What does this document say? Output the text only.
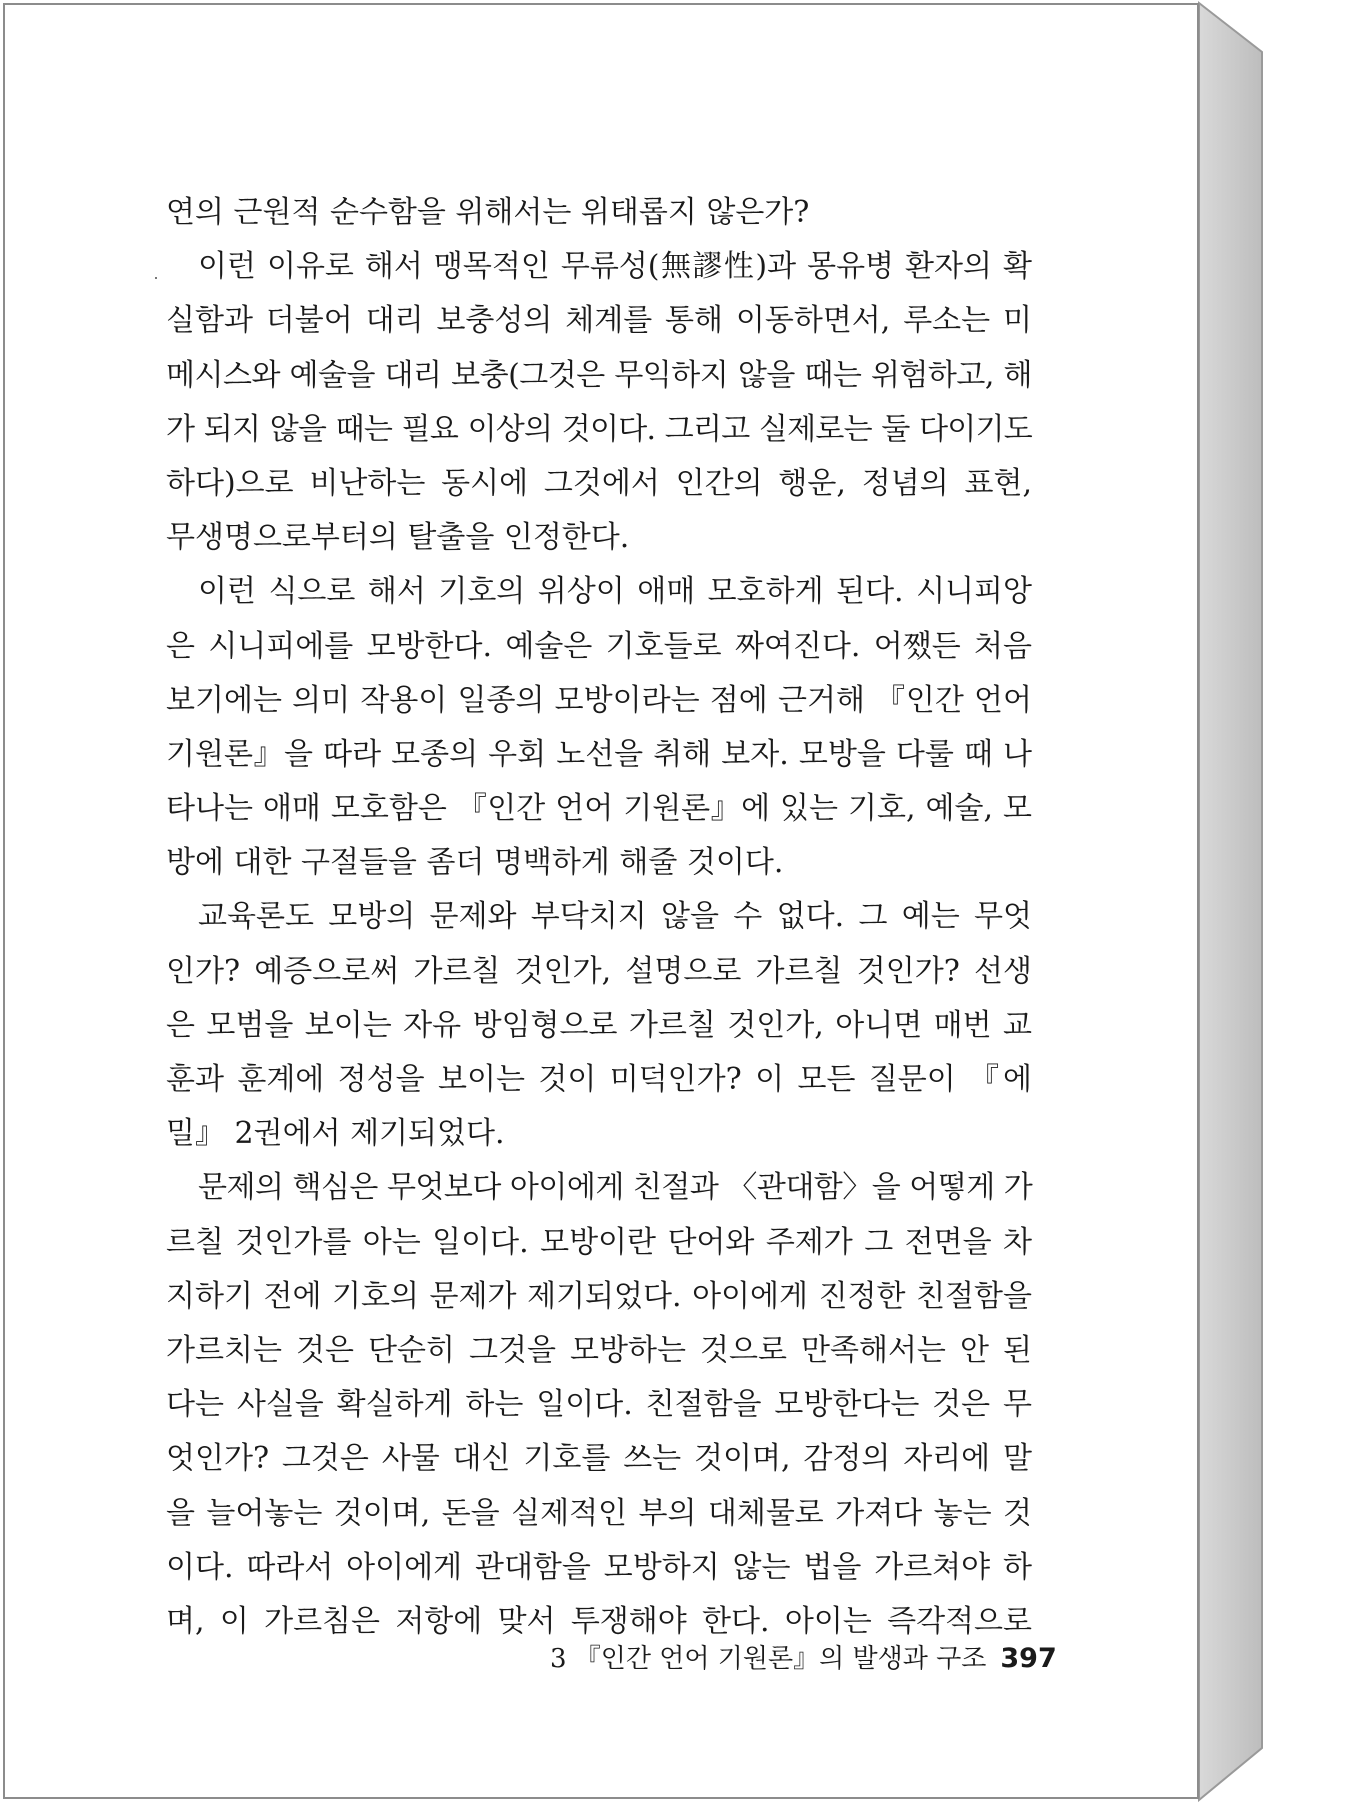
연의 근원적 순수함을 위해서는 위태롭지 않은가?
이런 이유로 해서 맹목적인 무류성(無謬性)과 몽유병 환자의 확
실함과 더불어 대리 보충성의 체계를 통해 이동하면서, 루소는 미
메시스와 예술을 대리 보충(그것은 무익하지 않을 때는 위험하고, 해
가 되지 않을 때는 필요 이상의 것이다. 그리고 실제로는 둘 다이기도
하다)으로 비난하는 동시에 그것에서 인간의 행운, 정념의 표현,
무생명으로부터의 탈출을 인정한다.
이런 식으로 해서 기호의 위상이 애매 모호하게 된다. 시니피앙
은 시니피에를 모방한다. 예술은 기호들로 짜여진다. 어쨌든 처음
보기에는 의미 작용이 일종의 모방이라는 점에 근거해 『인간 언어
기원론』을 따라 모종의 우회 노선을 취해 보자. 모방을 다룰 때 나
타나는 애매 모호함은 『인간 언어 기원론』에 있는 기호, 예술, 모
방에 대한 구절들을 좀더 명백하게 해줄 것이다.
교육론도 모방의 문제와 부닥치지 않을 수 없다. 그 예는 무엇
인가? 예증으로써 가르칠 것인가, 설명으로 가르칠 것인가? 선생
은 모범을 보이는 자유 방임형으로 가르칠 것인가, 아니면 매번 교
훈과 훈계에 정성을 보이는 것이 미덕인가? 이 모든 질문이 『에
밀』 2권에서 제기되었다.
문제의 핵심은 무엇보다 아이에게 친절과 〈관대함〉을 어떻게 가
르칠 것인가를 아는 일이다. 모방이란 단어와 주제가 그 전면을 차
지하기 전에 기호의 문제가 제기되었다. 아이에게 진정한 친절함을
가르치는 것은 단순히 그것을 모방하는 것으로 만족해서는 안 된
다는 사실을 확실하게 하는 일이다. 친절함을 모방한다는 것은 무
엇인가? 그것은 사물 대신 기호를 쓰는 것이며, 감정의 자리에 말
을 늘어놓는 것이며, 돈을 실제적인 부의 대체물로 가져다 놓는 것
이다. 따라서 아이에게 관대함을 모방하지 않는 법을 가르쳐야 하
며, 이 가르침은 저항에 맞서 투쟁해야 한다. 아이는 즉각적으로
3 『인간 언어 기원론』의 발생과 구조 397
